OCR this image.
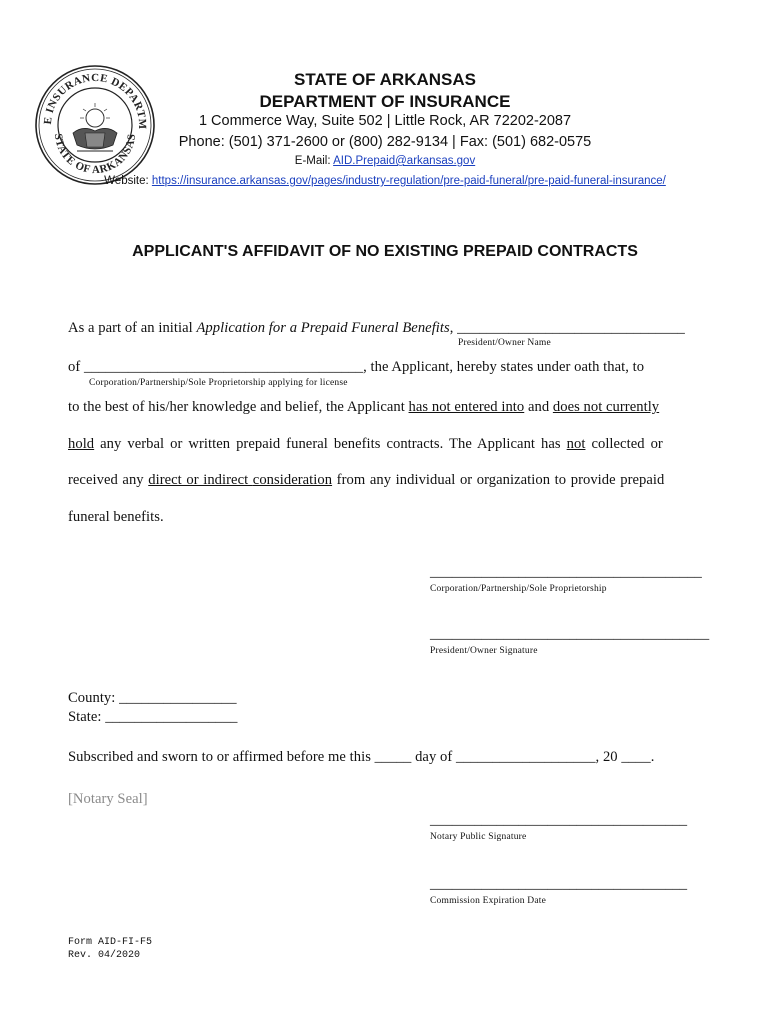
E INSURANCE DEPARTM
STATE OF ARKANSAS
STATE OF ARKANSAS
DEPARTMENT OF INSURANCE
1 Commerce Way, Suite 502 | Little Rock, AR 72202-2087
Phone: (501) 371-2600 or (800) 282-9134 | Fax: (501) 682-0575
E-Mail: AID.Prepaid@arkansas.gov
Website: https://insurance.arkansas.gov/pages/industry-regulation/pre-paid-funeral/pre-paid-funeral-insurance/
APPLICANT'S AFFIDAVIT OF NO EXISTING PREPAID CONTRACTS
As a part of an initial Application for a Prepaid Funeral Benefits, _______________________________
President/Owner Name
of ______________________________________, the Applicant, hereby states under oath that, to
Corporation/Partnership/Sole Proprietorship applying for license
to the best of his/her knowledge and belief, the Applicant has not entered into and does not currently
hold any verbal or written prepaid funeral benefits contracts. The Applicant has not collected or
received any direct or indirect consideration from any individual or organization to provide prepaid
funeral benefits.
_____________________________________
Corporation/Partnership/Sole Proprietorship
______________________________________
President/Owner Signature
County: ________________
State: __________________
Subscribed and sworn to or affirmed before me this _____ day of ___________________, 20 ____.
[Notary Seal]
___________________________________
Notary Public Signature
___________________________________
Commission Expiration Date
Form AID-FI-F5
Rev. 04/2020
